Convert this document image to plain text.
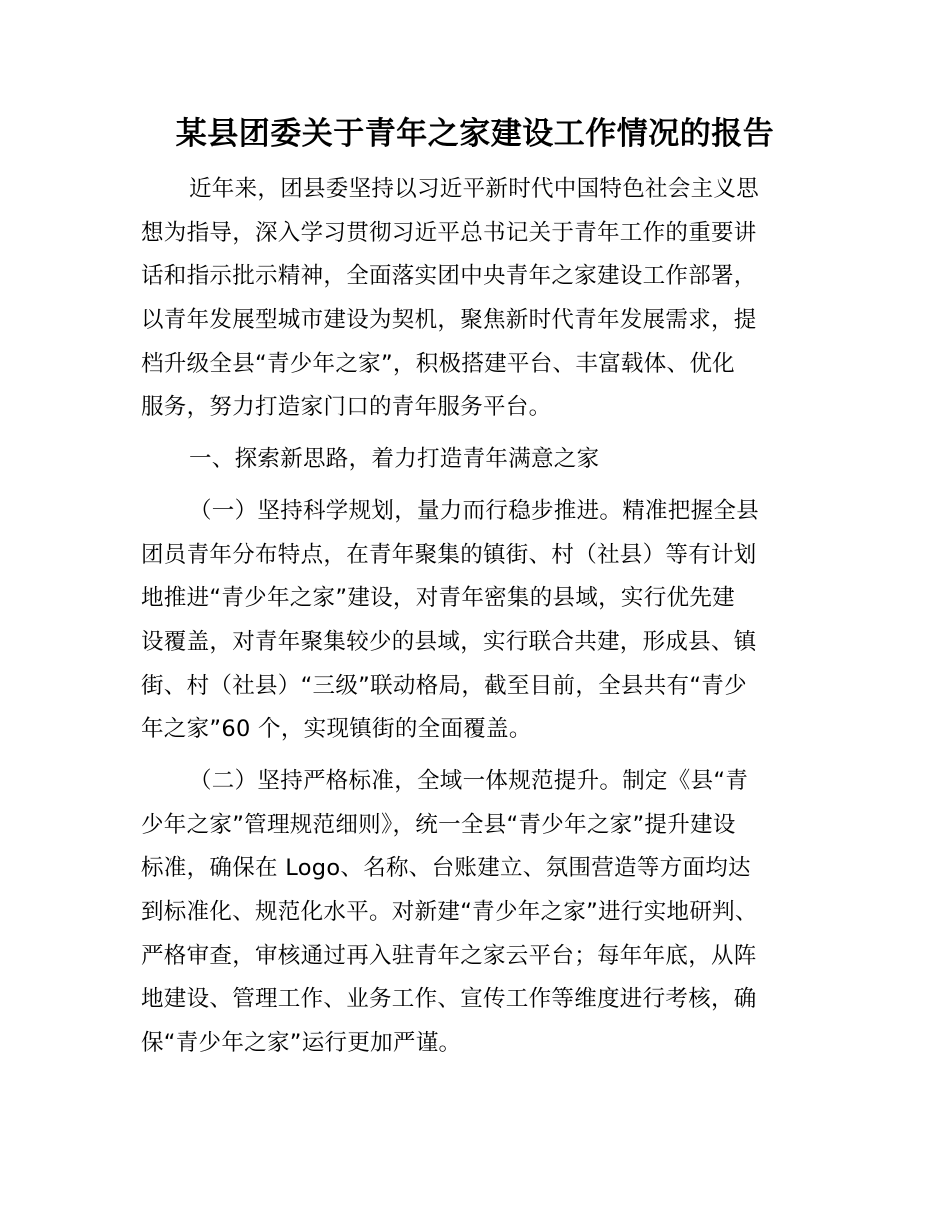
某县团委关于青年之家建设工作情况的报告
近年来，团县委坚持以习近平新时代中国特色社会主义思
想为指导，深入学习贯彻习近平总书记关于青年工作的重要讲
话和指示批示精神，全面落实团中央青年之家建设工作部署，
以青年发展型城市建设为契机，聚焦新时代青年发展需求，提
档升级全县“青少年之家”，积极搭建平台、丰富载体、优化
服务，努力打造家门口的青年服务平台。
一、探索新思路，着力打造青年满意之家
（一）坚持科学规划，量力而行稳步推进。精准把握全县
团员青年分布特点，在青年聚集的镇街、村（社县）等有计划
地推进“青少年之家”建设，对青年密集的县域，实行优先建
设覆盖，对青年聚集较少的县域，实行联合共建，形成县、镇
街、村（社县）“三级”联动格局，截至目前，全县共有“青少
年之家”60 个，实现镇街的全面覆盖。
（二）坚持严格标准，全域一体规范提升。制定《县“青
少年之家”管理规范细则》，统一全县“青少年之家”提升建设
标准，确保在 Logo、名称、台账建立、氛围营造等方面均达
到标准化、规范化水平。对新建“青少年之家”进行实地研判、
严格审查，审核通过再入驻青年之家云平台；每年年底，从阵
地建设、管理工作、业务工作、宣传工作等维度进行考核，确
保“青少年之家”运行更加严谨。
